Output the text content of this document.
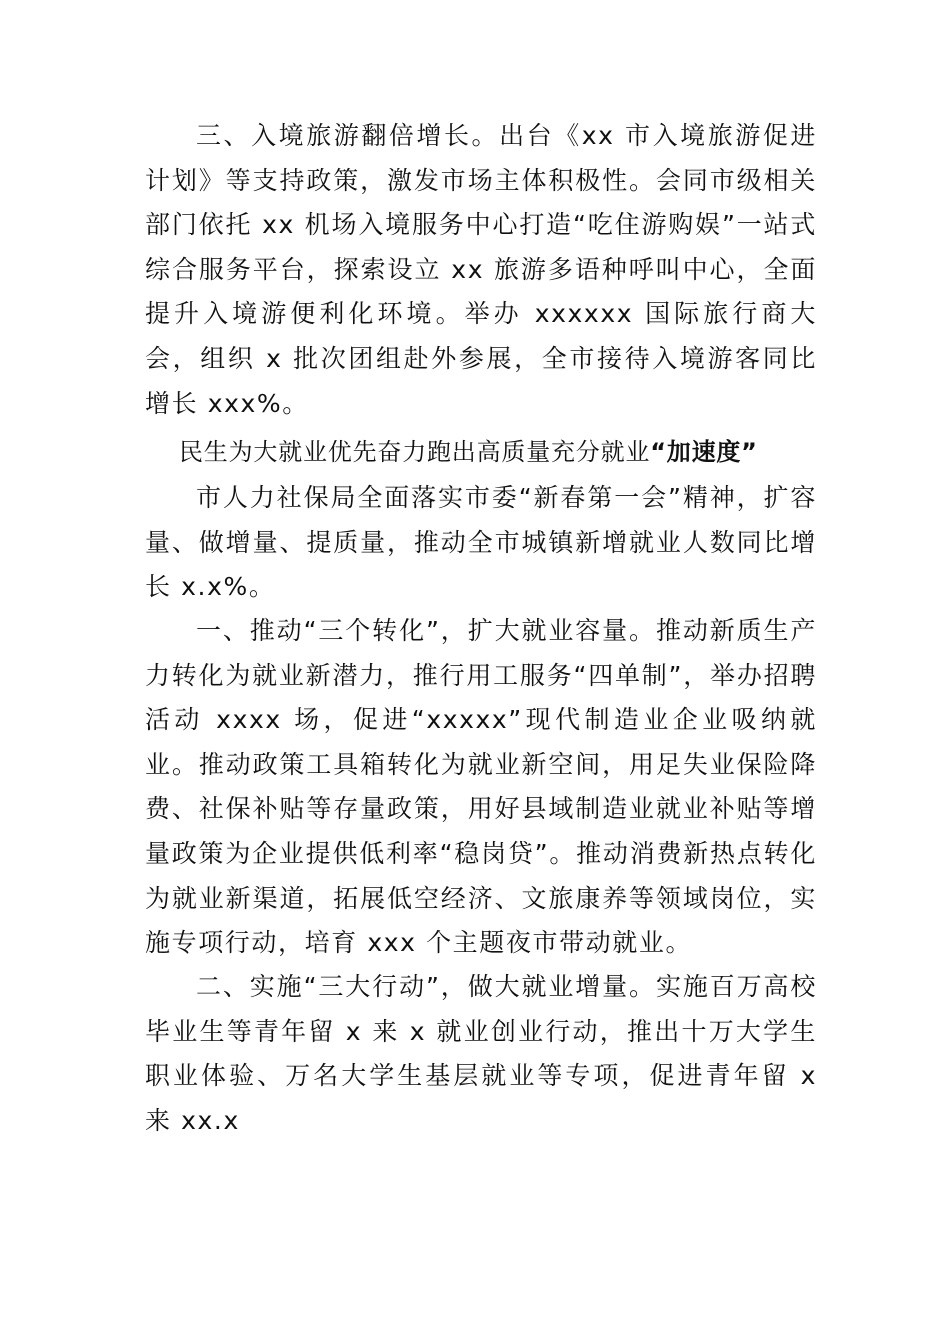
三、入境旅游翻倍增长。出台《xx 市入境旅游促进计划》等支持政策，激发市场主体积极性。会同市级相关部门依托 xx 机场入境服务中心打造“吃住游购娱”一站式综合服务平台，探索设立 xx 旅游多语种呼叫中心，全面提升入境游便利化环境。举办 xxxxxx 国际旅行商大会，组织 x 批次团组赴外参展，全市接待入境游客同比增长 xxx%。

民生为大就业优先奋力跑出高质量充分就业“加速度”

市人力社保局全面落实市委“新春第一会”精神，扩容量、做增量、提质量，推动全市城镇新增就业人数同比增长 x.x%。

一、推动“三个转化”，扩大就业容量。推动新质生产力转化为就业新潜力，推行用工服务“四单制”，举办招聘活动 xxxx 场，促进“xxxxx”现代制造业企业吸纳就业。推动政策工具箱转化为就业新空间，用足失业保险降费、社保补贴等存量政策，用好县域制造业就业补贴等增量政策为企业提供低利率“稳岗贷”。推动消费新热点转化为就业新渠道，拓展低空经济、文旅康养等领域岗位，实施专项行动，培育 xxx 个主题夜市带动就业。

二、实施“三大行动”，做大就业增量。实施百万高校毕业生等青年留 x 来 x 就业创业行动，推出十万大学生职业体验、万名大学生基层就业等专项，促进青年留 x 来 xx.x
